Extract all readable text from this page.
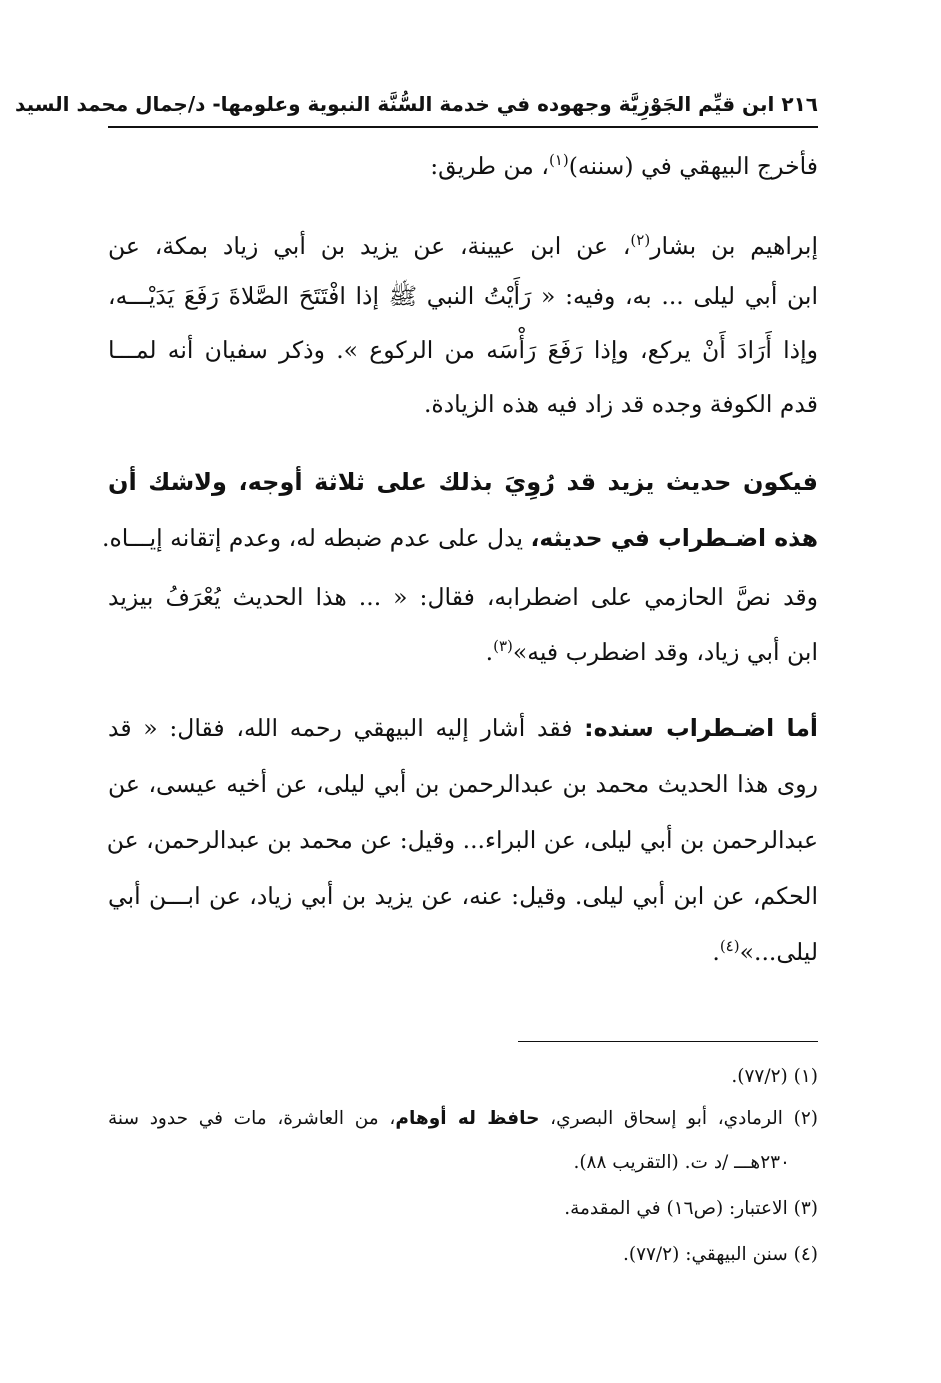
٢١٦ ابن قيِّم الجَوْزِيَّة وجهوده في خدمة السُّنَّة النبوية وعلومها- د/جمال محمد السيد
فأخرج البيهقي في (سننه)$^{(١)}$، من طريق:
إبراهيم بن بشار$^{(٢)}$، عن ابن عيينة، عن يزيد بن أبي زياد بمكة، عن
ابن أبي ليلى ... به، وفيه: « رَأَيْتُ النبي ﷺ إذا افْتَتَحَ الصَّلاةَ رَفَعَ يَدَيْـــه،
وإذا أَرَادَ أَنْ يركع، وإذا رَفَعَ رَأْسَه من الركوع ». وذكر سفيان أنه لمـــا
قدم الكوفة وجده قد زاد فيه هذه الزيادة.
فيكون حديث يزيد قد رُوِيَ بذلك على ثلاثة أوجه، ولاشك أن
هذه اضـطراب في حديثه، يدل على عدم ضبطه له، وعدم إتقانه إيـــاه.
وقد نصَّ الحازمي على اضطرابه، فقال: « ... هذا الحديث يُعْرَفُ بيزيد
ابن أبي زياد، وقد اضطرب فيه»$^{(٣)}$.
أما اضـطراب سنده: فقد أشار إليه البيهقي رحمه الله، فقال: « قد
روى هذا الحديث محمد بن عبدالرحمن بن أبي ليلى، عن أخيه عيسى، عن
عبدالرحمن بن أبي ليلى، عن البراء... وقيل: عن محمد بن عبدالرحمن، عن
الحكم، عن ابن أبي ليلى. وقيل: عنه، عن يزيد بن أبي زياد، عن ابـــن أبي
ليلى...»$^{(٤)}$.
(١) (٧٧/٢).
(٢) الرمادي، أبو إسحاق البصري، حافظ له أوهام، من العاشرة، مات في حدود سنة
٢٣٠هـــ /د ت. (التقريب ٨٨).
(٣) الاعتبار: (ص١٦) في المقدمة.
(٤) سنن البيهقي: (٧٧/٢).
